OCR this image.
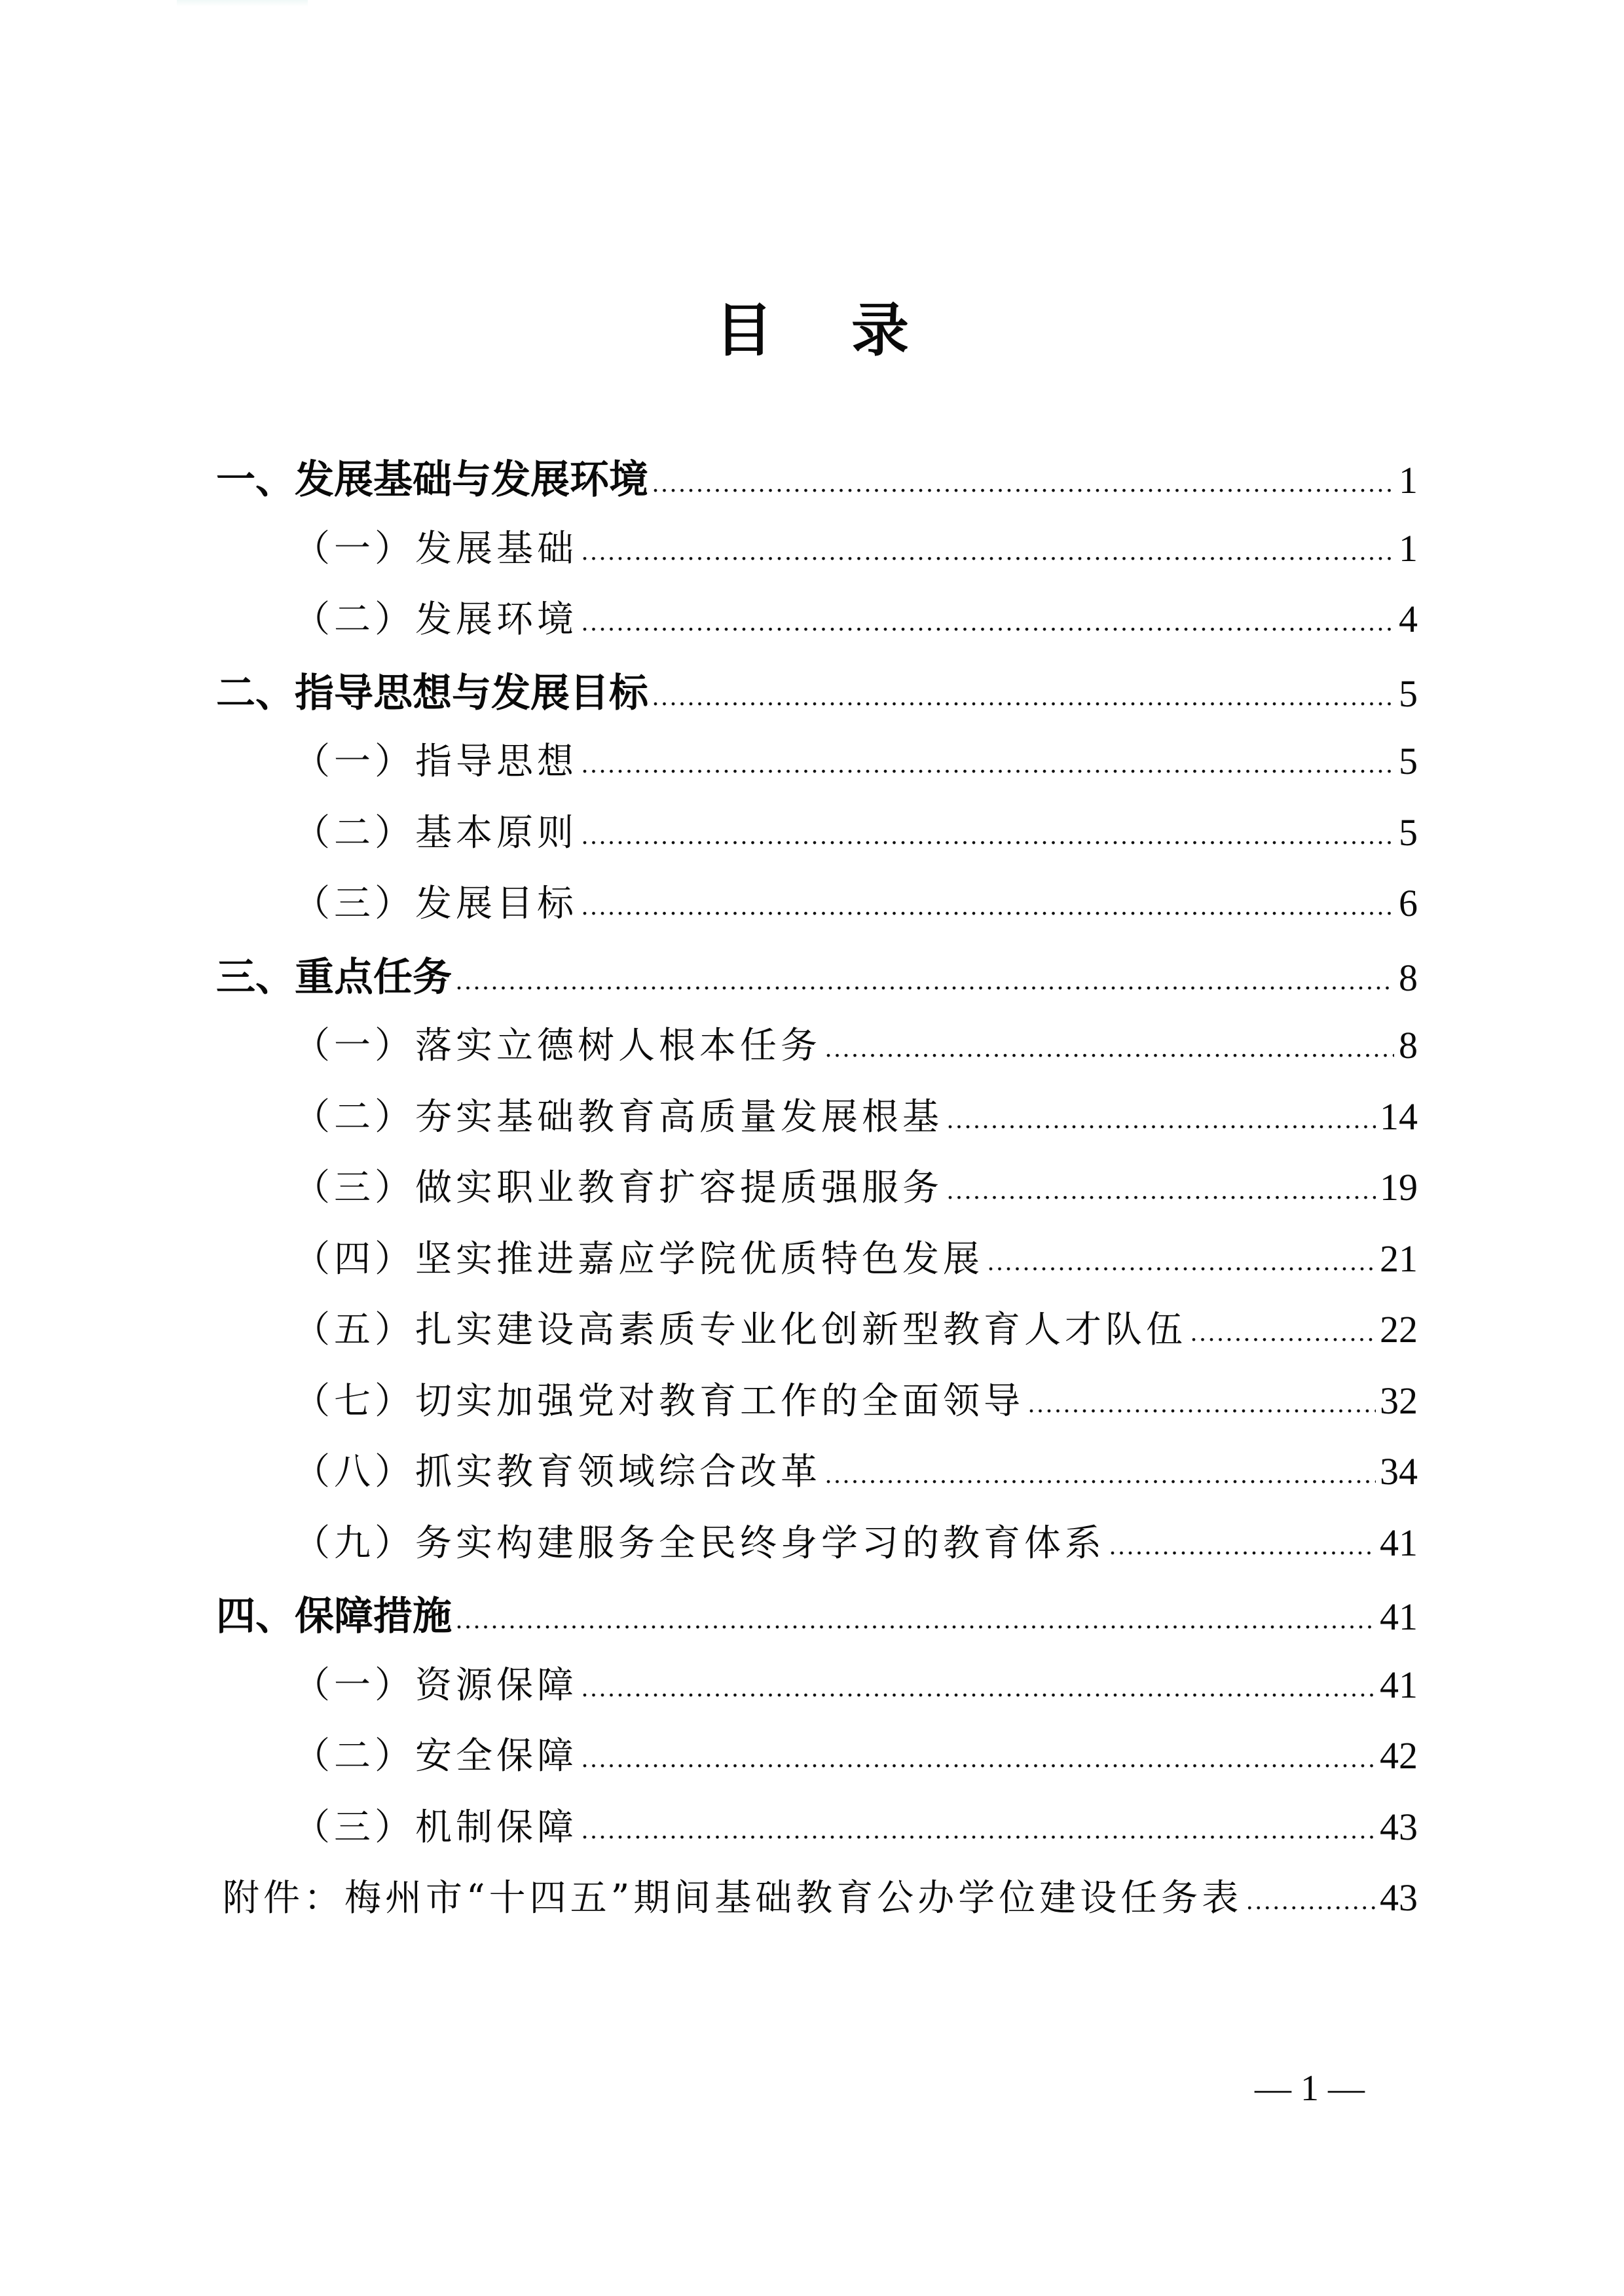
目录
一、发展基础与发展环境 .....	1
（一）发展基础 .....	1
（二）发展环境 .....	4
二、指导思想与发展目标 .....	5
（一）指导思想 .....	5
（二）基本原则 .....	5
（三）发展目标 .....	6
三、重点任务 .....	8
（一）落实立德树人根本任务 .....	8
（二）夯实基础教育高质量发展根基 .....	14
（三）做实职业教育扩容提质强服务 .....	19
（四）坚实推进嘉应学院优质特色发展 .....	21
（五）扎实建设高素质专业化创新型教育人才队伍 .....	22
（七）切实加强党对教育工作的全面领导 .....	32
（八）抓实教育领域综合改革 .....	34
（九）务实构建服务全民终身学习的教育体系 .....	41
四、保障措施 .....	41
（一）资源保障 .....	41
（二）安全保障 .....	42
（三）机制保障 .....	43
附件：梅州市“十四五”期间基础教育公办学位建设任务表 .....	43
— 1 —
